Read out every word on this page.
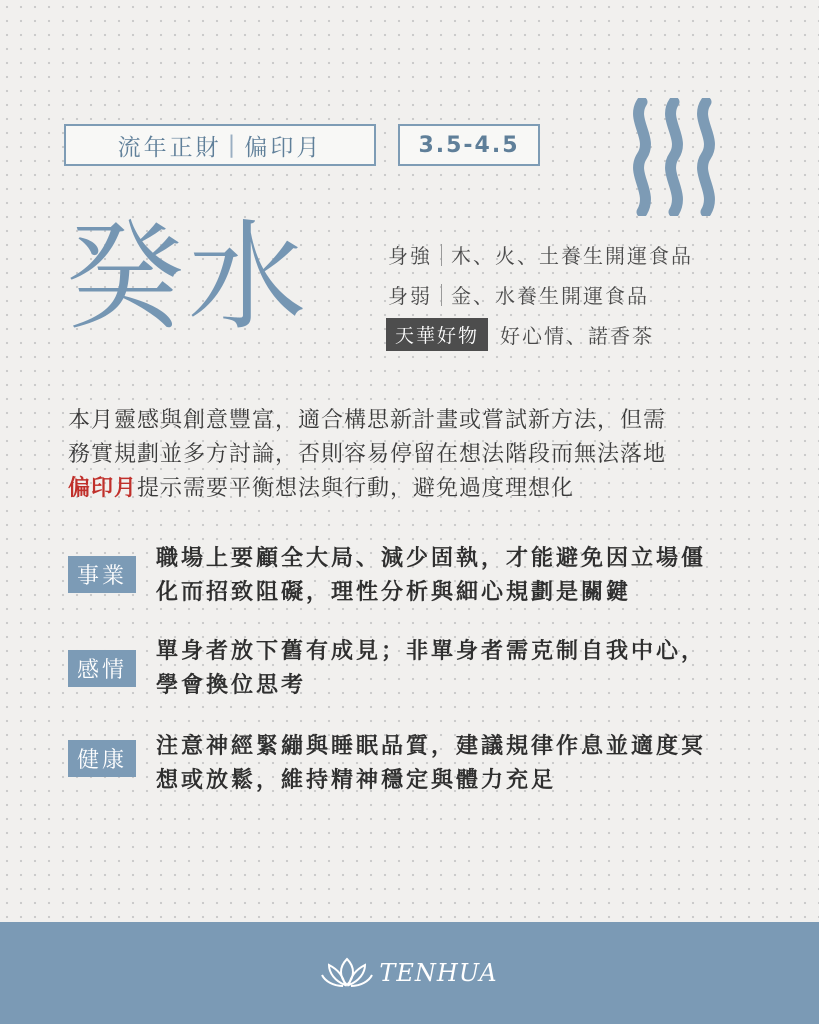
流年正財 | 偏印月	3.5-4.5
癸水	身強 木、火、土養生開運食品
身弱 金、水養生開運食品
天華好物	好心情、諾香茶
本月靈感與創意豐富，適合構思新計畫或嘗試新方法，但需
務實規劃並多方討論，否則容易停留在想法階段而無法落地
偏印月提示需要平衡想法與行動，避免過度理想化
事業
職場上要顧全大局、減少固執，才能避免因立場僵
化而招致阻礙，理性分析與細心規劃是關鍵
感情
單身者放下舊有成見；非單身者需克制自我中心，
學會換位思考
健康
注意神經緊繃與睡眠品質，建議規律作息並適度冥
想或放鬆，維持精神穩定與體力充足
TENHUA
